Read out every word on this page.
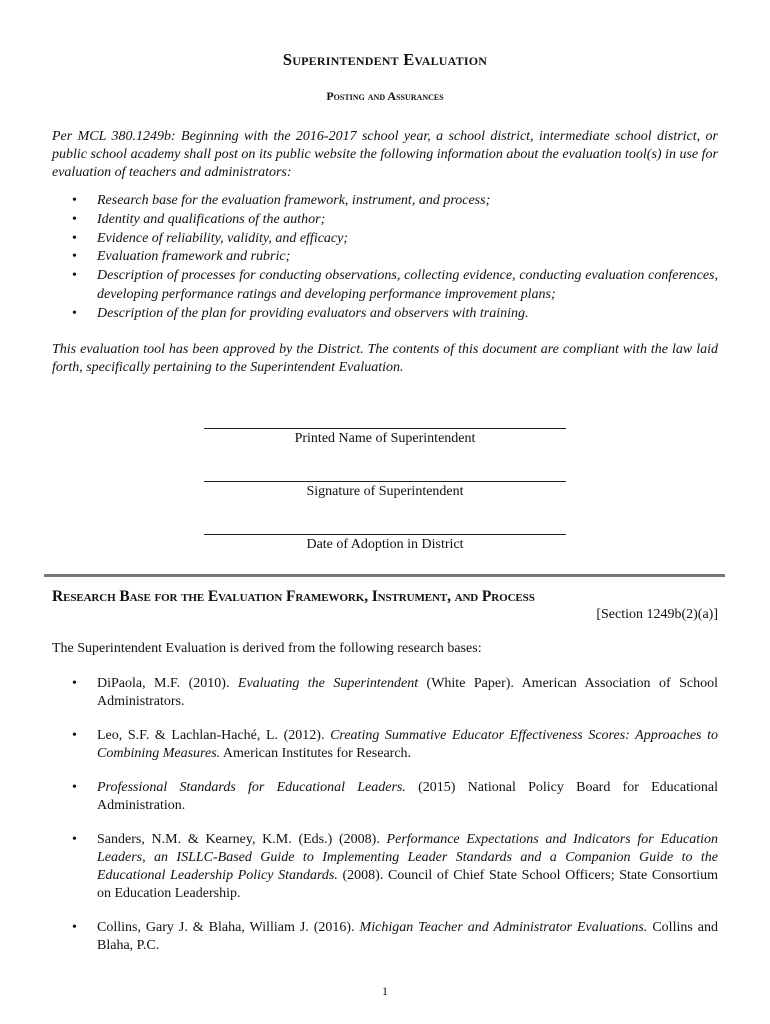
Superintendent Evaluation
Posting and Assurances
Per MCL 380.1249b: Beginning with the 2016-2017 school year, a school district, intermediate school district, or public school academy shall post on its public website the following information about the evaluation tool(s) in use for evaluation of teachers and administrators:
• Research base for the evaluation framework, instrument, and process;
• Identity and qualifications of the author;
• Evidence of reliability, validity, and efficacy;
• Evaluation framework and rubric;
• Description of processes for conducting observations, collecting evidence, conducting evaluation conferences, developing performance ratings and developing performance improvement plans;
• Description of the plan for providing evaluators and observers with training.
This evaluation tool has been approved by the District. The contents of this document are compliant with the law laid forth, specifically pertaining to the Superintendent Evaluation.
Printed Name of Superintendent
Signature of Superintendent
Date of Adoption in District
Research Base for the Evaluation Framework, Instrument, and Process
[Section 1249b(2)(a)]
The Superintendent Evaluation is derived from the following research bases:
• DiPaola, M.F. (2010). Evaluating the Superintendent (White Paper). American Association of School Administrators.
• Leo, S.F. & Lachlan-Haché, L. (2012). Creating Summative Educator Effectiveness Scores: Approaches to Combining Measures. American Institutes for Research.
• Professional Standards for Educational Leaders. (2015) National Policy Board for Educational Administration.
• Sanders, N.M. & Kearney, K.M. (Eds.) (2008). Performance Expectations and Indicators for Education Leaders, an ISLLC-Based Guide to Implementing Leader Standards and a Companion Guide to the Educational Leadership Policy Standards. (2008). Council of Chief State School Officers; State Consortium on Education Leadership.
• Collins, Gary J. & Blaha, William J. (2016). Michigan Teacher and Administrator Evaluations. Collins and Blaha, P.C.
1
